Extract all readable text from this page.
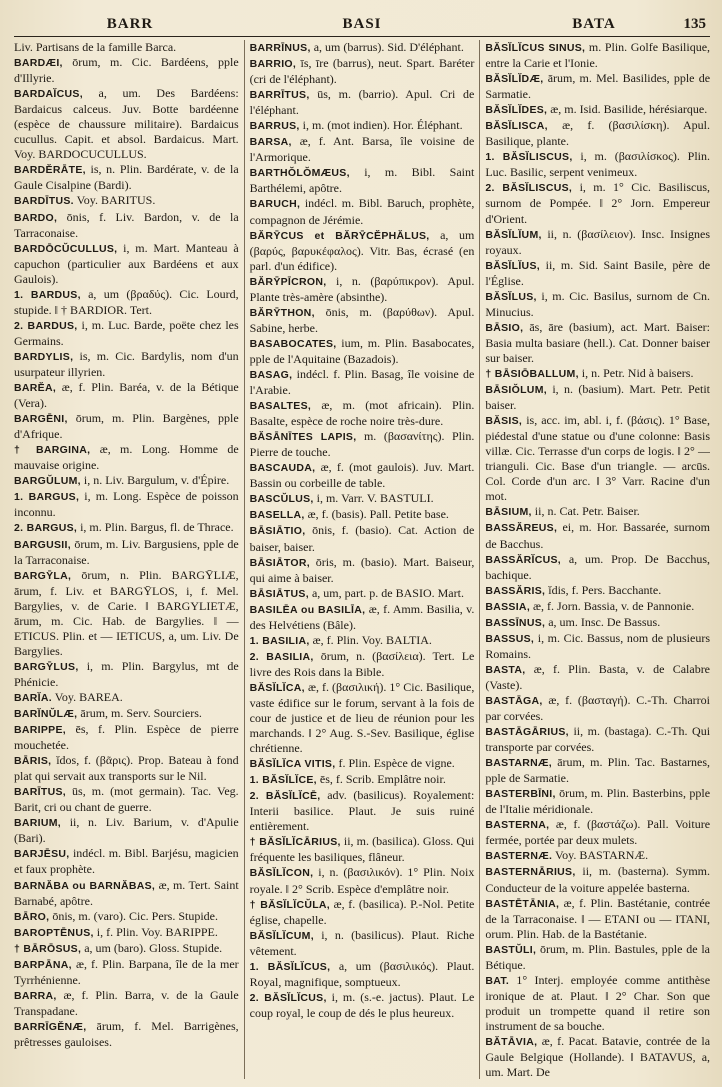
BARR	BASI	BATA	135

Liv. Partisans de la famille Barca.

BARDÆI, ōrum, m. Cic. Bardéens, pple d'Illyrie.

BARDAĬCUS, a, um. Des Bardéens: Bardaicus calceus. Juv. Botte bardéenne (espèce de chaussure militaire). Bardaicus cucullus. Capit. et absol. Bardaicus. Mart. Voy. BARDOCUCULLUS.

BARDĔRĀTE, is, n. Plin. Bardérate, v. de la Gaule Cisalpine (Bardi).

BARDĪTUS. Voy. BARITUS.

BARDO, ōnis, f. Liv. Bardon, v. de la Tarraconaise.

BARDŌCŬCULLUS, i, m. Mart. Manteau à capuchon (particulier aux Bardéens et aux Gaulois).

1. BARDUS, a, um (βραδύς). Cic. Lourd, stupide. ‖ † BARDIOR. Tert.

2. BARDUS, i, m. Luc. Barde, poëte chez les Germains.

BARDYLIS, is, m. Cic. Bardylis, nom d'un usurpateur illyrien.

BARĔA, æ, f. Plin. Baréa, v. de la Bétique (Vera).

BARGĒNI, ōrum, m. Plin. Bargènes, pple d'Afrique.

† BARGINA, æ, m. Long. Homme de mauvaise origine.

BARGŬLUM, i, n. Liv. Bargulum, v. d'Épire.

1. BARGUS, i, m. Long. Espèce de poisson inconnu.

2. BARGUS, i, m. Plin. Bargus, fl. de Thrace.

BARGUSII, ōrum, m. Liv. Bargusiens, pple de la Tarraconaise.

BARGȲLA, ōrum, n. Plin. BARGȲLIÆ, ārum, f. Liv. et BARGȲLOS, i, f. Mel. Bargylies, v. de Carie. ‖ BARGYLIETÆ, ārum, m. Cic. Hab. de Bargylies. ‖ — ETICUS. Plin. et — IETICUS, a, um. Liv. De Bargylies.

BARGȲLUS, i, m. Plin. Bargylus, mt de Phénicie.

BARĬA. Voy. BAREA.

BARĬNŬLÆ, ārum, m. Serv. Sourciers.

BARIPPE, ēs, f. Plin. Espèce de pierre mouchetée.

BĀRIS, ĭdos, f. (βᾶρις). Prop. Bateau à fond plat qui servait aux transports sur le Nil.

BARĪTUS, ūs, m. (mot germain). Tac. Veg. Barit, cri ou chant de guerre.

BARIUM, ii, n. Liv. Barium, v. d'Apulie (Bari).

BARJĒSU, indécl. m. Bibl. Barjésu, magicien et faux prophète.

BARNĂBA ou BARNĂBAS, æ, m. Tert. Saint Barnabé, apôtre.

BĀRO, ōnis, m. (varo). Cic. Pers. Stupide.

BAROPTĒNUS, i, f. Plin. Voy. BARIPPE.

† BĀRŌSUS, a, um (baro). Gloss. Stupide.

BARPĀNA, æ, f. Plin. Barpana, île de la mer Tyrrhénienne.

BARRA, æ, f. Plin. Barra, v. de la Gaule Transpadane.

BARRĪGĔNÆ, ārum, f. Mel. Barrigènes, prêtresses gauloises.

BARRĪNUS, a, um (barrus). Sid. D'éléphant.

BARRIO, īs, īre (barrus), neut. Spart. Baréter (cri de l'éléphant).

BARRĪTUS, ūs, m. (barrio). Apul. Cri de l'éléphant.

BARRUS, i, m. (mot indien). Hor. Éléphant.

BARSA, æ, f. Ant. Barsa, île voisine de l'Armorique.

BARTHŎLŎMÆUS, i, m. Bibl. Saint Barthélemi, apôtre.

BARUCH, indécl. m. Bibl. Baruch, prophète, compagnon de Jérémie.

BĂRȲCUS et BĂRȲCĔPHĂLUS, a, um (βαρύς, βαρυκέφαλος). Vitr. Bas, écrasé (en parl. d'un édifice).

BĂRȲPĪCRON, i, n. (βαρύπικρον). Apul. Plante très-amère (absinthe).

BĂRȲTHON, ōnis, m. (βαρύθων). Apul. Sabine, herbe.

BASABOCATES, ium, m. Plin. Basabocates, pple de l'Aquitaine (Bazadois).

BASAG, indécl. f. Plin. Basag, île voisine de l'Arabie.

BASALTES, æ, m. (mot africain). Plin. Basalte, espèce de roche noire très-dure.

BĂSĀNĪTES LAPIS, m. (βασανίτης). Plin. Pierre de touche.

BASCAUDA, æ, f. (mot gaulois). Juv. Mart. Bassin ou corbeille de table.

BASCŬLUS, i, m. Varr. V. BASTULI.

BASELLA, æ, f. (basis). Pall. Petite base.

BĀSIĀTIO, ōnis, f. (basio). Cat. Action de baiser, baiser.

BĀSIĀTOR, ōris, m. (basio). Mart. Baiseur, qui aime à baiser.

BĀSIĀTUS, a, um, part. p. de BASIO. Mart.

BASILĒA ou BASILĪA, æ, f. Amm. Basilia, v. des Helvétiens (Bâle).

1. BASILIA, æ, f. Plin. Voy. BALTIA.

2. BASILIA, ōrum, n. (βασίλεια). Tert. Le livre des Rois dans la Bible.

BĂSĬLĬCA, æ, f. (βασιλική). 1° Cic. Basilique, vaste édifice sur le forum, servant à la fois de cour de justice et de lieu de réunion pour les marchands. ‖ 2° Aug. S.-Sev. Basilique, église chrétienne.

BĂSĬLĬCA VITIS, f. Plin. Espèce de vigne.

1. BĂSĬLĬCE, ēs, f. Scrib. Emplâtre noir.

2. BĂSĬLĬCĒ, adv. (basilicus). Royalement: Interii basilice. Plaut. Je suis ruiné entièrement.

† BĂSĬLĬCĀRIUS, ii, m. (basilica). Gloss. Qui fréquente les basiliques, flâneur.

BĂSĬLĬCON, i, n. (βασιλικόν). 1° Plin. Noix royale. ‖ 2° Scrib. Espèce d'emplâtre noir.

† BĂSĬLĬCŬLA, æ, f. (basilica). P.-Nol. Petite église, chapelle.

BĂSĬLĬCUM, i, n. (basilicus). Plaut. Riche vêtement.

1. BĂSĬLĬCUS, a, um (βασιλικός). Plaut. Royal, magnifique, somptueux.

2. BĂSĬLĬCUS, i, m. (s.-e. jactus). Plaut. Le coup royal, le coup de dés le plus heureux.

BĂSĬLĬCUS SINUS, m. Plin. Golfe Basilique, entre la Carie et l'Ionie.

BĂSĬLĬDÆ, ārum, m. Mel. Basilides, pple de Sarmatie.

BĂSĬLĬDES, æ, m. Isid. Basilide, hérésiarque.

BĂSĬLISCA, æ, f. (βασιλίσκη). Apul. Basilique, plante.

1. BĂSĬLISCUS, i, m. (βασιλίσκος). Plin. Luc. Basilic, serpent venimeux.

2. BĂSĬLISCUS, i, m. 1° Cic. Basiliscus, surnom de Pompée. ‖ 2° Jorn. Empereur d'Orient.

BĂSĬLĬUM, ii, n. (βασίλειον). Insc. Insignes royaux.

BĂSĬLĬUS, ii, m. Sid. Saint Basile, père de l'Église.

BĂSĬLUS, i, m. Cic. Basilus, surnom de Cn. Minucius.

BĀSIO, ās, āre (basium), act. Mart. Baiser: Basia multa basiare (hell.). Cat. Donner baiser sur baiser.

† BĀSIŌBALLUM, i, n. Petr. Nid à baisers.

BĀSIŎLUM, i, n. (basium). Mart. Petr. Petit baiser.

BĂSIS, is, acc. im, abl. i, f. (βάσις). 1° Base, piédestal d'une statue ou d'une colonne: Basis villæ. Cic. Terrasse d'un corps de logis. ‖ 2° — trianguli. Cic. Base d'un triangle. — arcūs. Col. Corde d'un arc. ‖ 3° Varr. Racine d'un mot.

BĀSIUM, ii, n. Cat. Petr. Baiser.

BASSĂREUS, ei, m. Hor. Bassarée, surnom de Bacchus.

BASSĂRĬCUS, a, um. Prop. De Bacchus, bachique.

BASSĂRIS, ĭdis, f. Pers. Bacchante.

BASSIA, æ, f. Jorn. Bassia, v. de Pannonie.

BASSĪNUS, a, um. Insc. De Bassus.

BASSUS, i, m. Cic. Bassus, nom de plusieurs Romains.

BASTA, æ, f. Plin. Basta, v. de Calabre (Vaste).

BASTĀGA, æ, f. (βασταγή). C.-Th. Charroi par corvées.

BASTĀGĀRIUS, ii, m. (bastaga). C.-Th. Qui transporte par corvées.

BASTARNÆ, ārum, m. Plin. Tac. Bastarnes, pple de Sarmatie.

BASTERBĪNI, ōrum, m. Plin. Basterbins, pple de l'Italie méridionale.

BASTERNA, æ, f. (βαστάζω). Pall. Voiture fermée, portée par deux mulets.

BASTERNÆ. Voy. BASTARNÆ.

BASTERNĀRIUS, ii, m. (basterna). Symm. Conducteur de la voiture appelée basterna.

BASTĒTĀNIA, æ, f. Plin. Bastétanie, contrée de la Tarraconaise. ‖ — ETANI ou — ITANI, orum. Plin. Hab. de la Bastétanie.

BASTŬLI, ōrum, m. Plin. Bastules, pple de la Bétique.

BAT. 1° Interj. employée comme antithèse ironique de at. Plaut. ‖ 2° Char. Son que produit un trompette quand il retire son instrument de sa bouche.

BĂTĀVIA, æ, f. Pacat. Batavie, contrée de la Gaule Belgique (Hollande). ‖ BATAVUS, a, um. Mart. De
